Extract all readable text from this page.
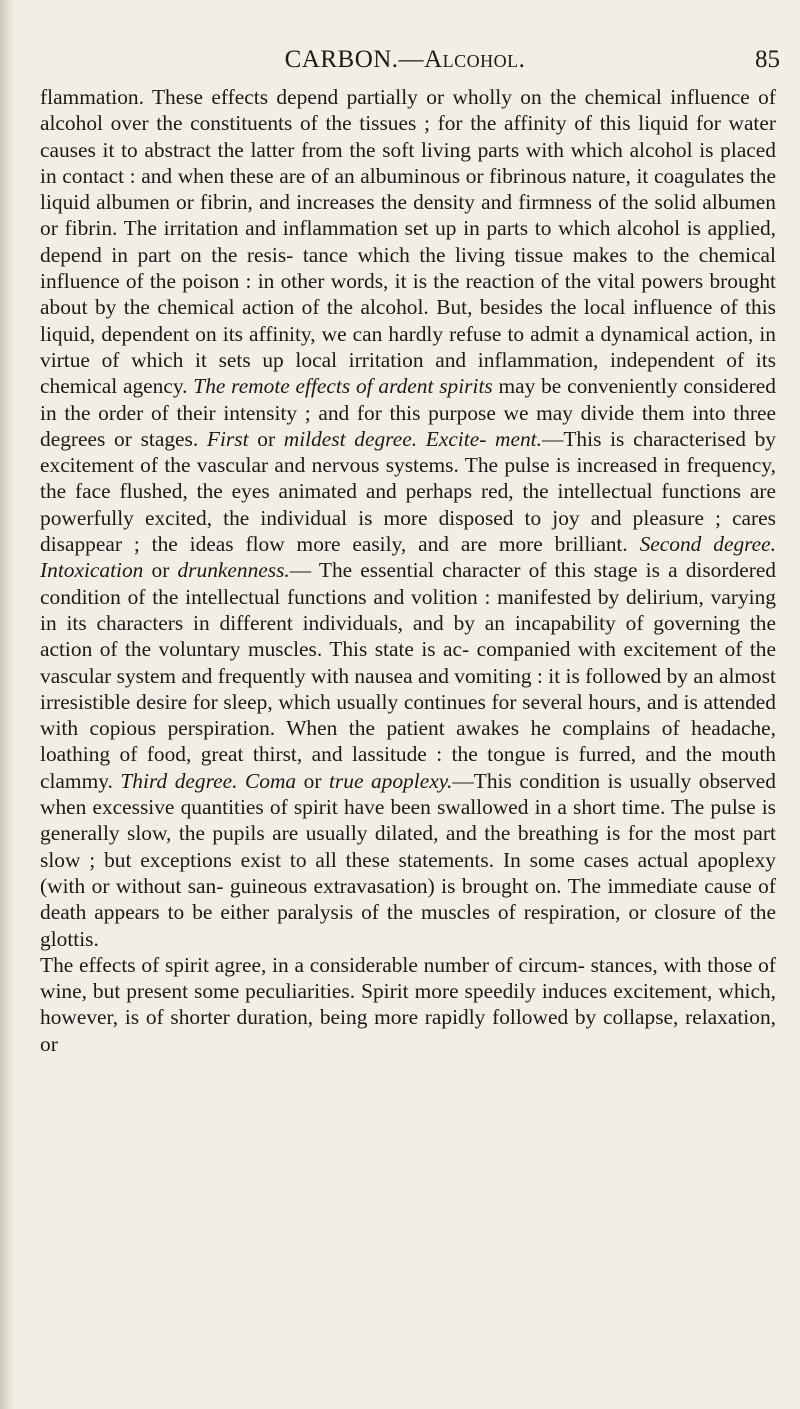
CARBON.—Alcohol.	85

flammation. These effects depend partially or wholly on the chemical influence of alcohol over the constituents of the tissues ; for the affinity of this liquid for water causes it to abstract the latter from the soft living parts with which alcohol is placed in contact : and when these are of an albuminous or fibrinous nature, it coagulates the liquid albumen or fibrin, and increases the density and firmness of the solid albumen or fibrin. The irritation and inflammation set up in parts to which alcohol is applied, depend in part on the resis- tance which the living tissue makes to the chemical influence of the poison : in other words, it is the reaction of the vital powers brought about by the chemical action of the alcohol. But, besides the local influence of this liquid, dependent on its affinity, we can hardly refuse to admit a dynamical action, in virtue of which it sets up local irritation and inflammation, independent of its chemical agency. The remote effects of ardent spirits may be conveniently considered in the order of their intensity ; and for this purpose we may divide them into three degrees or stages. First or mildest degree. Excite- ment.—This is characterised by excitement of the vascular and nervous systems. The pulse is increased in frequency, the face flushed, the eyes animated and perhaps red, the intellectual functions are powerfully excited, the individual is more disposed to joy and pleasure ; cares disappear ; the ideas flow more easily, and are more brilliant. Second degree. Intoxication or drunkenness.— The essential character of this stage is a disordered condition of the intellectual functions and volition : manifested by delirium, varying in its characters in different individuals, and by an incapability of governing the action of the voluntary muscles. This state is ac- companied with excitement of the vascular system and frequently with nausea and vomiting : it is followed by an almost irresistible desire for sleep, which usually continues for several hours, and is attended with copious perspiration. When the patient awakes he complains of headache, loathing of food, great thirst, and lassitude : the tongue is furred, and the mouth clammy. Third degree. Coma or true apoplexy.—This condition is usually observed when excessive quantities of spirit have been swallowed in a short time. The pulse is generally slow, the pupils are usually dilated, and the breathing is for the most part slow ; but exceptions exist to all these statements. In some cases actual apoplexy (with or without san- guineous extravasation) is brought on. The immediate cause of death appears to be either paralysis of the muscles of respiration, or closure of the glottis.

The effects of spirit agree, in a considerable number of circum- stances, with those of wine, but present some peculiarities. Spirit more speedily induces excitement, which, however, is of shorter duration, being more rapidly followed by collapse, relaxation, or
